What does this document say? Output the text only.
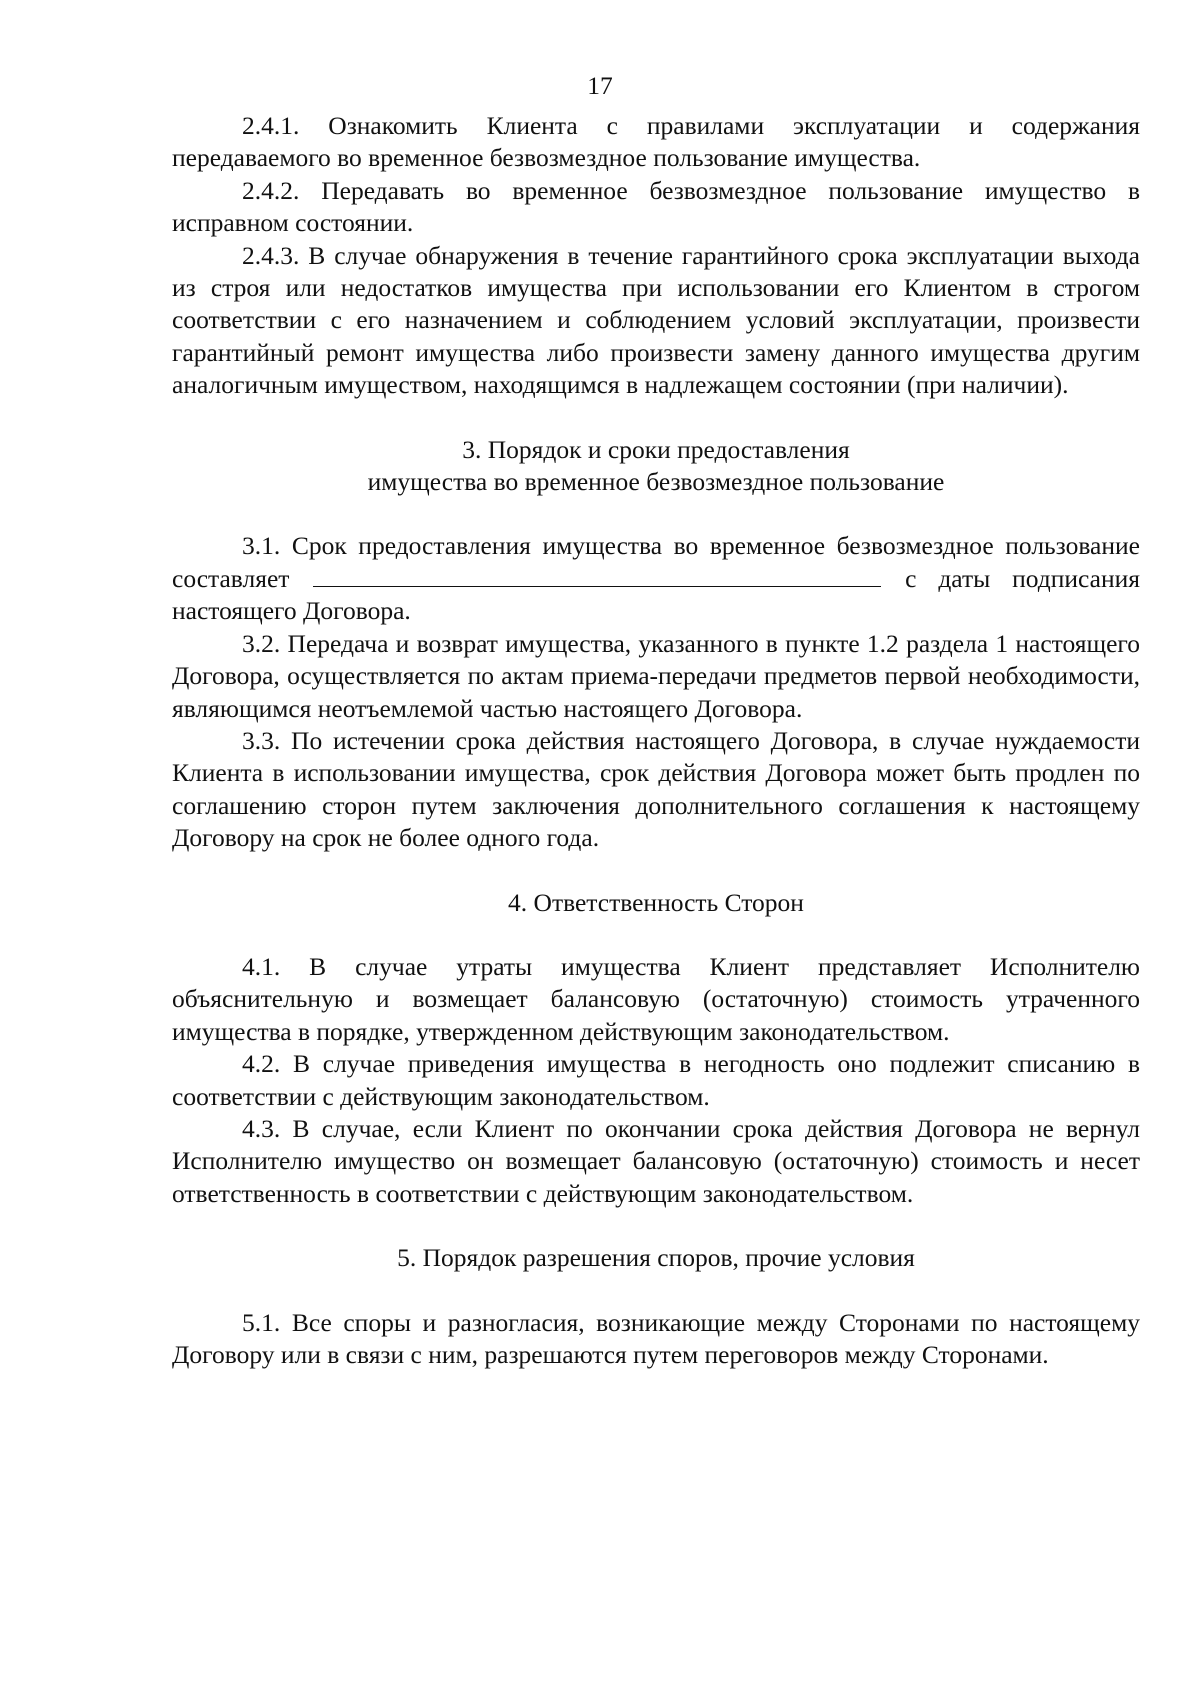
17

2.4.1. Ознакомить Клиента с правилами эксплуатации и содержания передаваемого во временное безвозмездное пользование имущества.

2.4.2. Передавать во временное безвозмездное пользование имущество в исправном состоянии.

2.4.3. В случае обнаружения в течение гарантийного срока эксплуатации выхода из строя или недостатков имущества при использовании его Клиентом в строгом соответствии с его назначением и соблюдением условий эксплуатации, произвести гарантийный ремонт имущества либо произвести замену данного имущества другим аналогичным имуществом, находящимся в надлежащем состоянии (при наличии).

3. Порядок и сроки предоставления
имущества во временное безвозмездное пользование

3.1. Срок предоставления имущества во временное безвозмездное пользование составляет	с даты подписания настоящего Договора.

3.2. Передача и возврат имущества, указанного в пункте 1.2 раздела 1 настоящего Договора, осуществляется по актам приема-передачи предметов первой необходимости, являющимся неотъемлемой частью настоящего Договора.

3.3. По истечении срока действия настоящего Договора, в случае нуждаемости Клиента в использовании имущества, срок действия Договора может быть продлен по соглашению сторон путем заключения дополнительного соглашения к настоящему Договору на срок не более одного года.

4. Ответственность Сторон

4.1. В случае утраты имущества Клиент представляет Исполнителю объяснительную и возмещает балансовую (остаточную) стоимость утраченного имущества в порядке, утвержденном действующим законодательством.

4.2. В случае приведения имущества в негодность оно подлежит списанию в соответствии с действующим законодательством.

4.3. В случае, если Клиент по окончании срока действия Договора не вернул Исполнителю имущество он возмещает балансовую (остаточную) стоимость и несет ответственность в соответствии с действующим законодательством.

5. Порядок разрешения споров, прочие условия

5.1. Все споры и разногласия, возникающие между Сторонами по настоящему Договору или в связи с ним, разрешаются путем переговоров между Сторонами.
